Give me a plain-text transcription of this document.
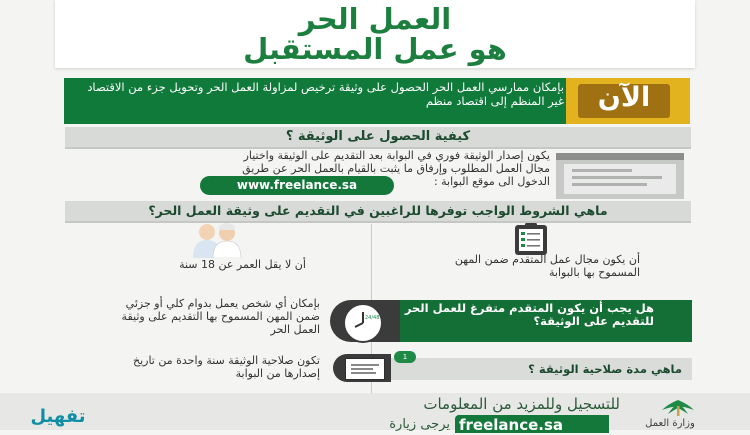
العمل الحر
هو عمل المستقبل
بإمكان ممارسي العمل الحر الحصول على وثيقة ترخيص لمزاولة العمل الحر وتحويل جزء من الاقتصاد غير المنظم إلى اقتصاد منظم	الآن
كيفية الحصول على الوثيقة ؟
يكون إصدار الوثيقة فوري في البوابة بعد التقديم على الوثيقة واختيار مجال العمل المطلوب وإرفاق ما يثبت بالقيام بالعمل الحر عن طريق الدخول الى موقع البوابة :
www.freelance.sa
ماهي الشروط الواجب توفرها للراغبين في التقديم على وثيقة العمل الحر؟
أن لا يقل العمر عن 18 سنة	أن يكون مجال عمل المتقدم ضمن المهن المسموح بها بالبوابة
هل يجب أن يكون المتقدم متفرغ للعمل الحر للتقديم على الوثيقة؟
24/48
بإمكان أي شخص يعمل بدوام كلي أو جزئي ضمن المهن المسموح بها التقديم على وثيقة العمل الحر
ماهي مدة صلاحية الوثيقة ؟
1
تكون صلاحية الوثيقة سنة واحدة من تاريخ إصدارها من البوابة
للتسجيل وللمزيد من المعلومات
يرجى زيارة freelance.sa	وزارة العمل
تفهيل
